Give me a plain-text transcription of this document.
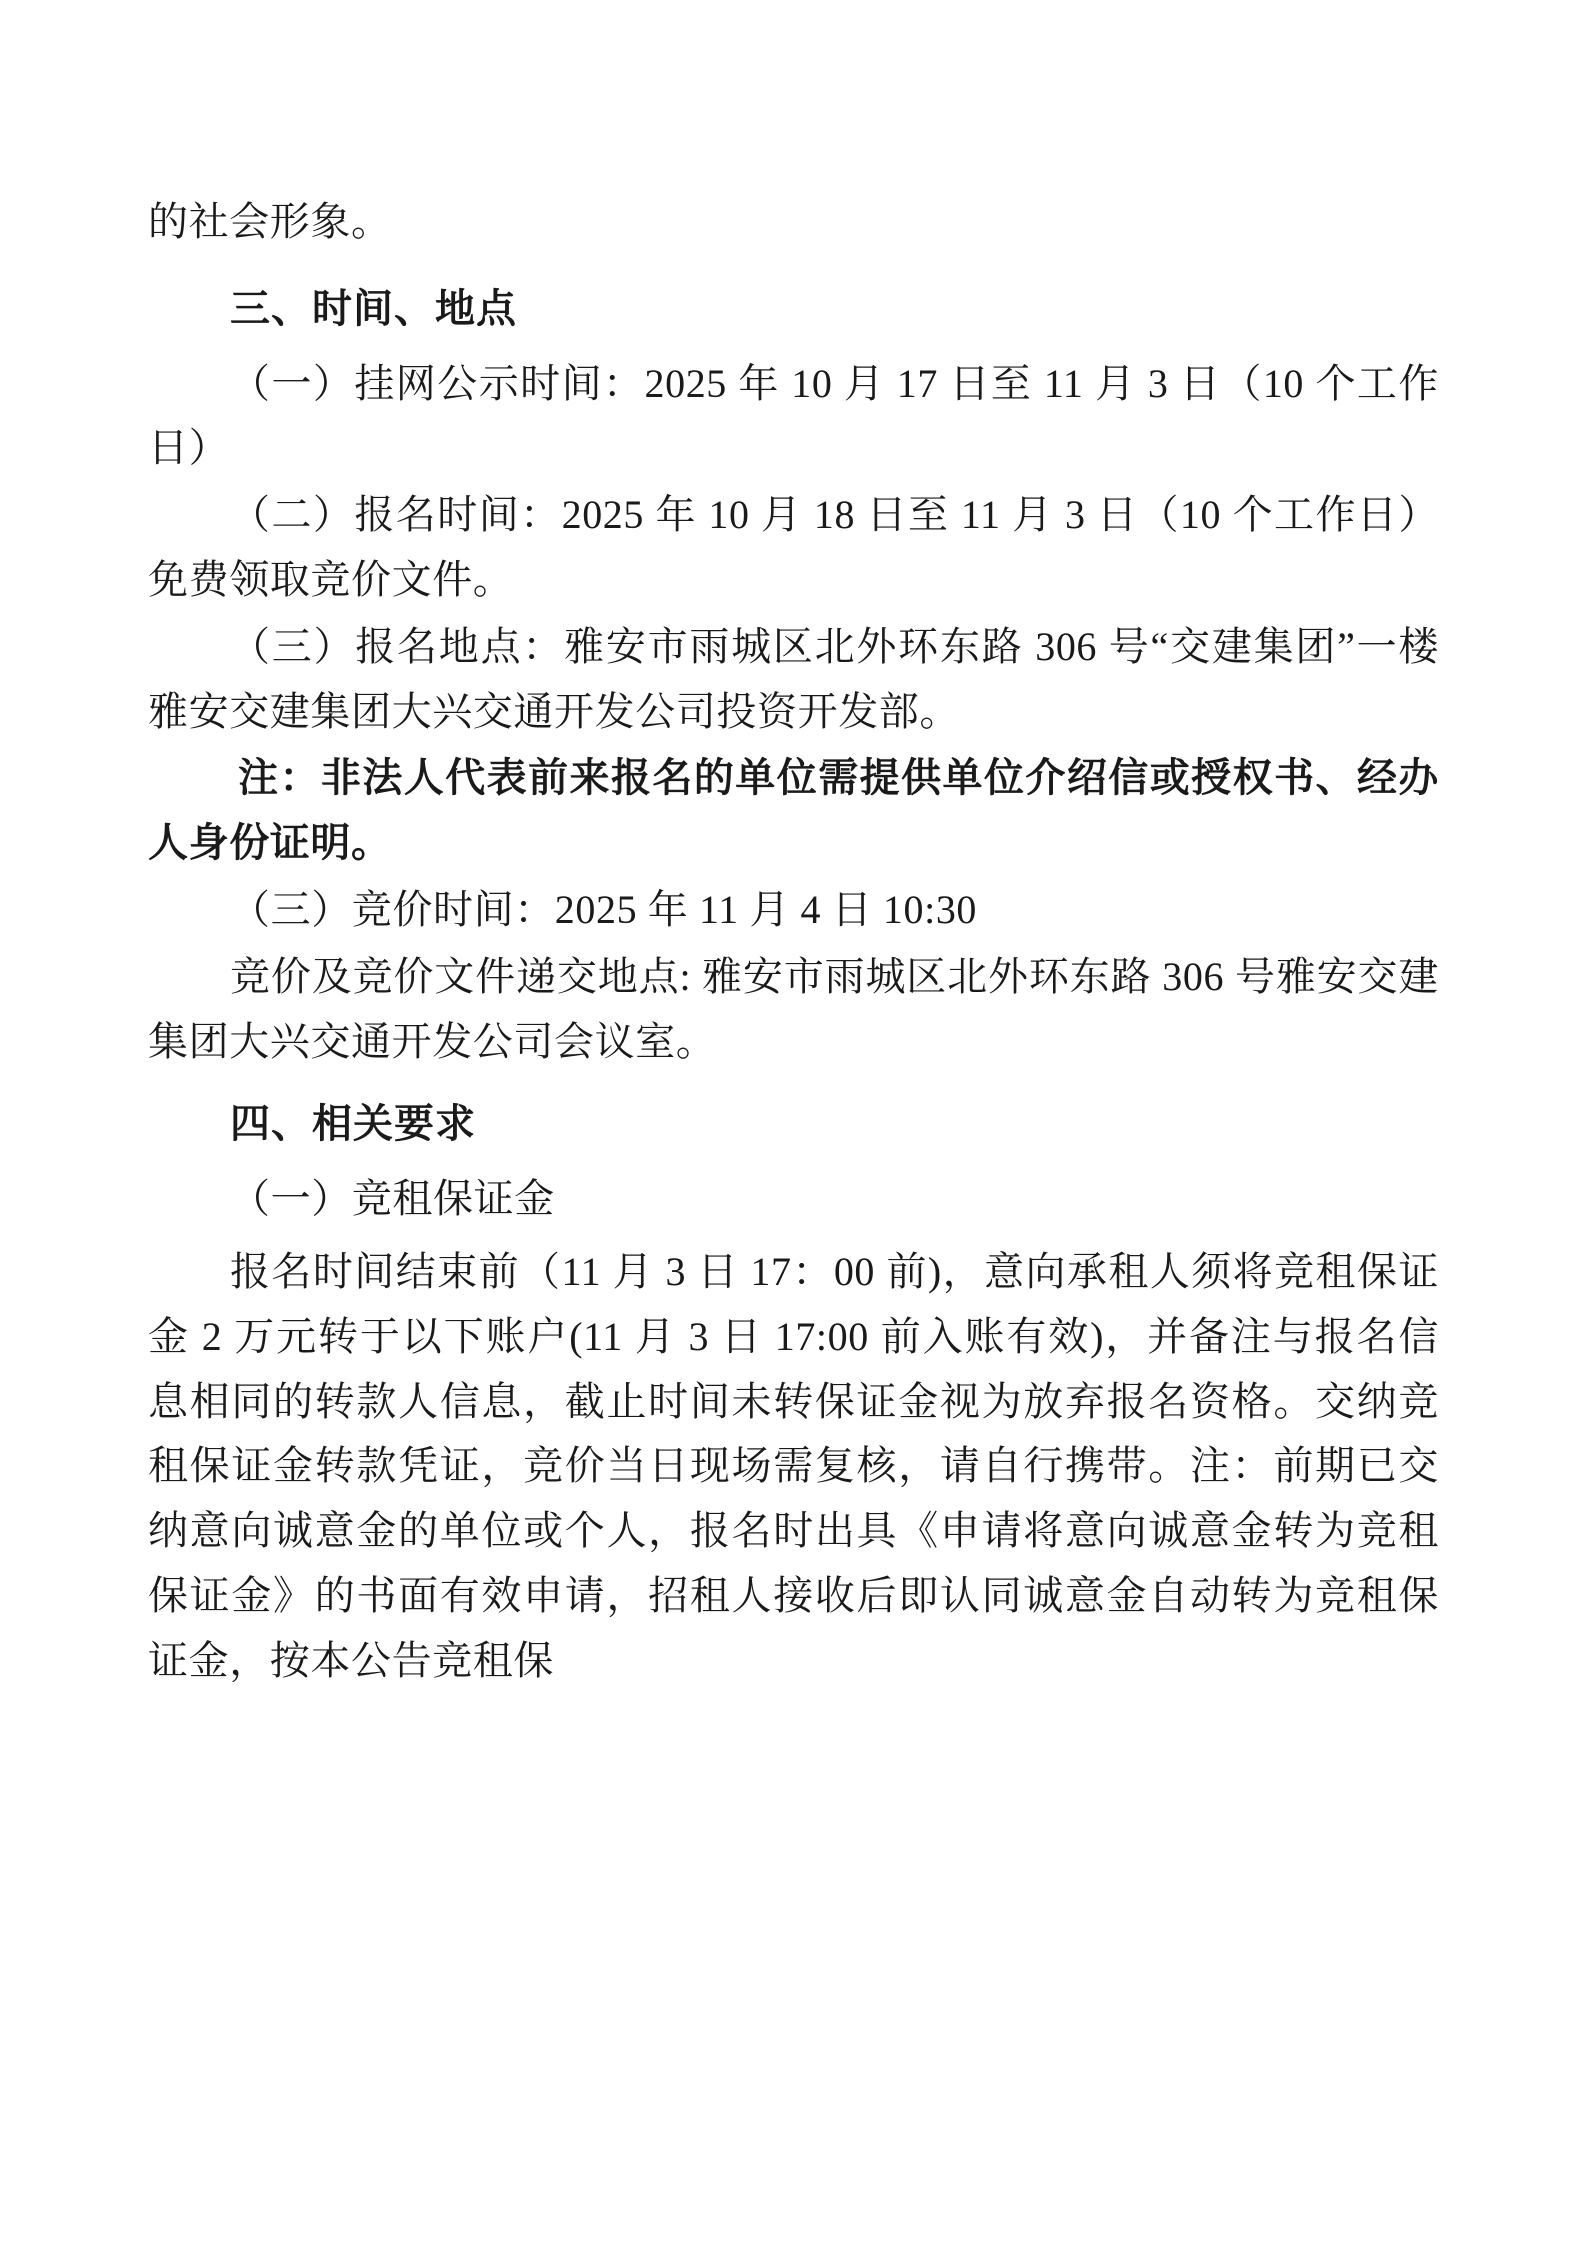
的社会形象。

三、时间、地点

（一）挂网公示时间：2025 年 10 月 17 日至 11 月 3 日（10 个工作日）

（二）报名时间：2025 年 10 月 18 日至 11 月 3 日（10 个工作日）免费领取竞价文件。

（三）报名地点：雅安市雨城区北外环东路 306 号“交建集团”一楼雅安交建集团大兴交通开发公司投资开发部。

注：非法人代表前来报名的单位需提供单位介绍信或授权书、经办人身份证明。

（三）竞价时间：2025 年 11 月 4 日 10:30

竞价及竞价文件递交地点: 雅安市雨城区北外环东路 306 号雅安交建集团大兴交通开发公司会议室。

四、相关要求

（一）竞租保证金

报名时间结束前（11 月 3 日 17：00 前)，意向承租人须将竞租保证金 2 万元转于以下账户(11 月 3 日 17:00 前入账有效)，并备注与报名信息相同的转款人信息，截止时间未转保证金视为放弃报名资格。交纳竞租保证金转款凭证，竞价当日现场需复核，请自行携带。注：前期已交纳意向诚意金的单位或个人，报名时出具《申请将意向诚意金转为竞租保证金》的书面有效申请，招租人接收后即认同诚意金自动转为竞租保证金，按本公告竞租保
